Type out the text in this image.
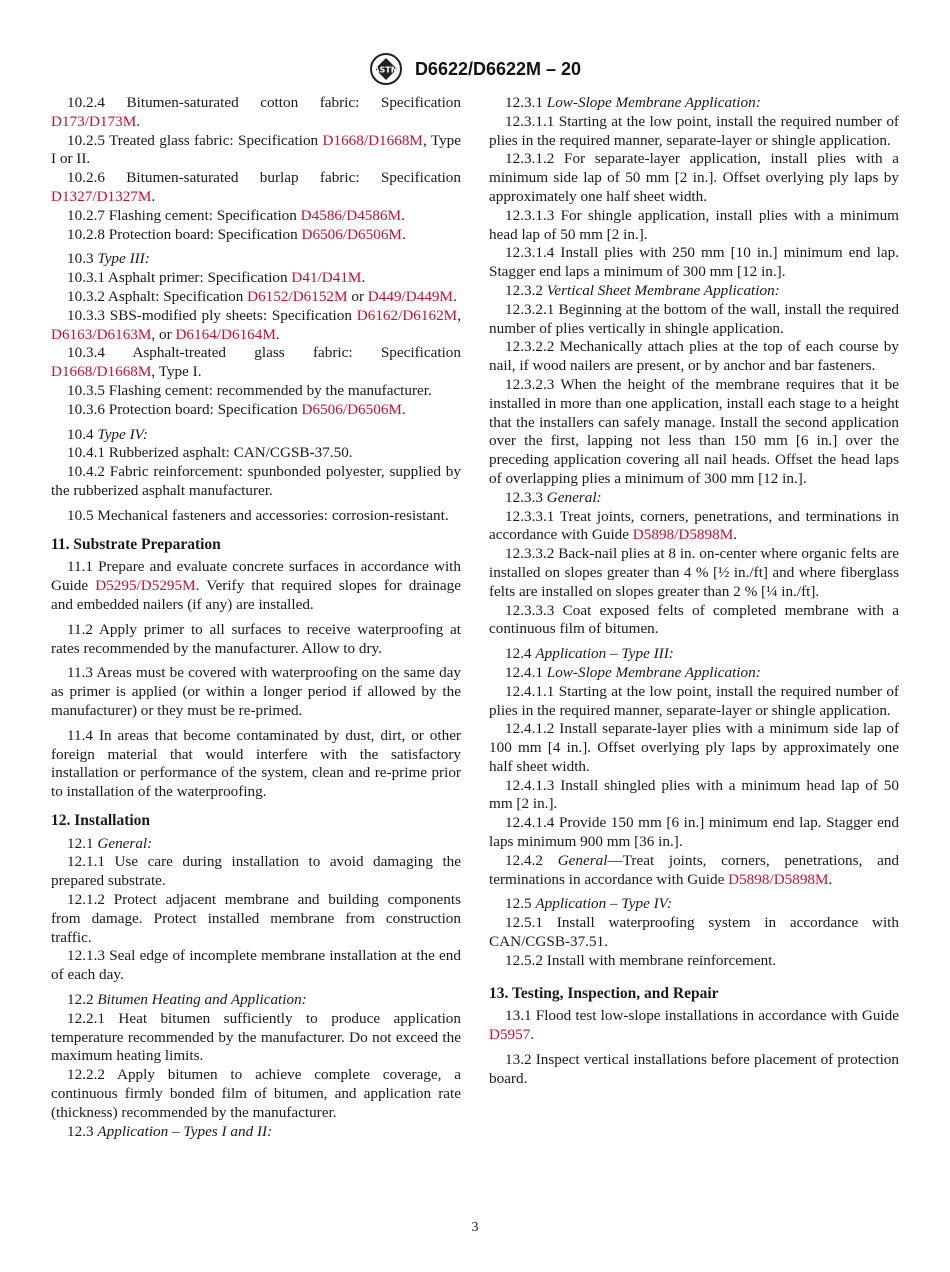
ASTM D6622/D6622M – 20

10.2.4 Bitumen-saturated cotton fabric: Specification D173/D173M.

10.2.5 Treated glass fabric: Specification D1668/D1668M, Type I or II.

10.2.6 Bitumen-saturated burlap fabric: Specification D1327/D1327M.

10.2.7 Flashing cement: Specification D4586/D4586M.

10.2.8 Protection board: Specification D6506/D6506M.

10.3 Type III:

10.3.1 Asphalt primer: Specification D41/D41M.

10.3.2 Asphalt: Specification D6152/D6152M or D449/D449M.

10.3.3 SBS-modified ply sheets: Specification D6162/D6162M, D6163/D6163M, or D6164/D6164M.

10.3.4 Asphalt-treated glass fabric: Specification D1668/D1668M, Type I.

10.3.5 Flashing cement: recommended by the manufacturer.

10.3.6 Protection board: Specification D6506/D6506M.

10.4 Type IV:

10.4.1 Rubberized asphalt: CAN/CGSB-37.50.

10.4.2 Fabric reinforcement: spunbonded polyester, supplied by the rubberized asphalt manufacturer.

10.5 Mechanical fasteners and accessories: corrosion-resistant.

11. Substrate Preparation

11.1 Prepare and evaluate concrete surfaces in accordance with Guide D5295/D5295M. Verify that required slopes for drainage and embedded nailers (if any) are installed.

11.2 Apply primer to all surfaces to receive waterproofing at rates recommended by the manufacturer. Allow to dry.

11.3 Areas must be covered with waterproofing on the same day as primer is applied (or within a longer period if allowed by the manufacturer) or they must be re-primed.

11.4 In areas that become contaminated by dust, dirt, or other foreign material that would interfere with the satisfactory installation or performance of the system, clean and re-prime prior to installation of the waterproofing.

12. Installation

12.1 General:

12.1.1 Use care during installation to avoid damaging the prepared substrate.

12.1.2 Protect adjacent membrane and building components from damage. Protect installed membrane from construction traffic.

12.1.3 Seal edge of incomplete membrane installation at the end of each day.

12.2 Bitumen Heating and Application:

12.2.1 Heat bitumen sufficiently to produce application temperature recommended by the manufacturer. Do not exceed the maximum heating limits.

12.2.2 Apply bitumen to achieve complete coverage, a continuous firmly bonded film of bitumen, and application rate (thickness) recommended by the manufacturer.

12.3 Application – Types I and II:

12.3.1 Low-Slope Membrane Application:

12.3.1.1 Starting at the low point, install the required number of plies in the required manner, separate-layer or shingle application.

12.3.1.2 For separate-layer application, install plies with a minimum side lap of 50 mm [2 in.]. Offset overlying ply laps by approximately one half sheet width.

12.3.1.3 For shingle application, install plies with a minimum head lap of 50 mm [2 in.].

12.3.1.4 Install plies with 250 mm [10 in.] minimum end lap. Stagger end laps a minimum of 300 mm [12 in.].

12.3.2 Vertical Sheet Membrane Application:

12.3.2.1 Beginning at the bottom of the wall, install the required number of plies vertically in shingle application.

12.3.2.2 Mechanically attach plies at the top of each course by nail, if wood nailers are present, or by anchor and bar fasteners.

12.3.2.3 When the height of the membrane requires that it be installed in more than one application, install each stage to a height that the installers can safely manage. Install the second application over the first, lapping not less than 150 mm [6 in.] over the preceding application covering all nail heads. Offset the head laps of overlapping plies a minimum of 300 mm [12 in.].

12.3.3 General:

12.3.3.1 Treat joints, corners, penetrations, and terminations in accordance with Guide D5898/D5898M.

12.3.3.2 Back-nail plies at 8 in. on-center where organic felts are installed on slopes greater than 4 % [½ in./ft] and where fiberglass felts are installed on slopes greater than 2 % [¼ in./ft].

12.3.3.3 Coat exposed felts of completed membrane with a continuous film of bitumen.

12.4 Application – Type III:

12.4.1 Low-Slope Membrane Application:

12.4.1.1 Starting at the low point, install the required number of plies in the required manner, separate-layer or shingle application.

12.4.1.2 Install separate-layer plies with a minimum side lap of 100 mm [4 in.]. Offset overlying ply laps by approximately one half sheet width.

12.4.1.3 Install shingled plies with a minimum head lap of 50 mm [2 in.].

12.4.1.4 Provide 150 mm [6 in.] minimum end lap. Stagger end laps minimum 900 mm [36 in.].

12.4.2 General—Treat joints, corners, penetrations, and terminations in accordance with Guide D5898/D5898M.

12.5 Application – Type IV:

12.5.1 Install waterproofing system in accordance with CAN/CGSB-37.51.

12.5.2 Install with membrane reinforcement.

13. Testing, Inspection, and Repair

13.1 Flood test low-slope installations in accordance with Guide D5957.

13.2 Inspect vertical installations before placement of protection board.

3
